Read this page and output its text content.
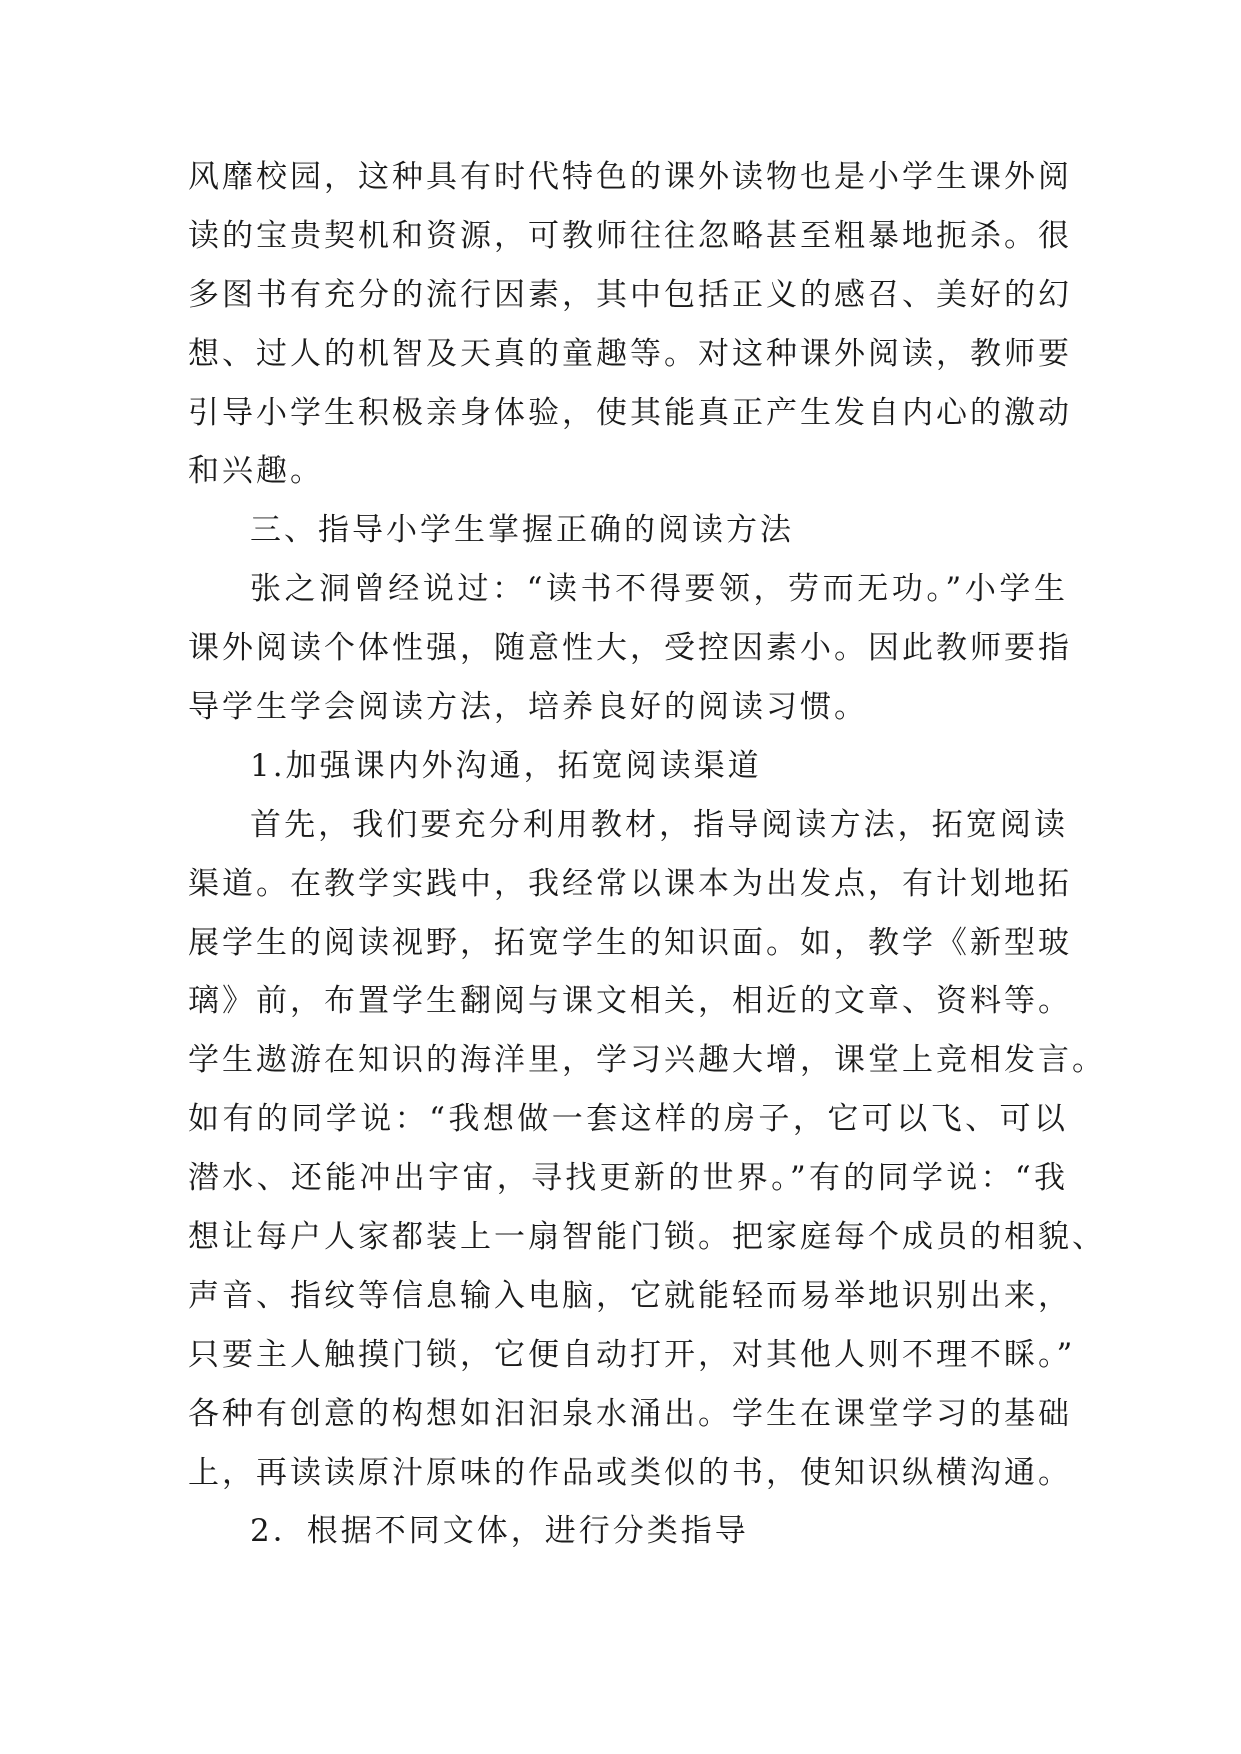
风靡校园，这种具有时代特色的课外读物也是小学生课外阅
读的宝贵契机和资源，可教师往往忽略甚至粗暴地扼杀。很
多图书有充分的流行因素，其中包括正义的感召、美好的幻
想、过人的机智及天真的童趣等。对这种课外阅读，教师要
引导小学生积极亲身体验，使其能真正产生发自内心的激动
和兴趣。
三、指导小学生掌握正确的阅读方法
张之洞曾经说过：“读书不得要领，劳而无功。”小学生
课外阅读个体性强，随意性大，受控因素小。因此教师要指
导学生学会阅读方法，培养良好的阅读习惯。
1.加强课内外沟通，拓宽阅读渠道
首先，我们要充分利用教材，指导阅读方法，拓宽阅读
渠道。在教学实践中，我经常以课本为出发点，有计划地拓
展学生的阅读视野，拓宽学生的知识面。如，教学《新型玻
璃》前，布置学生翻阅与课文相关，相近的文章、资料等。
学生遨游在知识的海洋里，学习兴趣大增，课堂上竞相发言。
如有的同学说：“我想做一套这样的房子，它可以飞、可以
潜水、还能冲出宇宙，寻找更新的世界。”有的同学说：“我
想让每户人家都装上一扇智能门锁。把家庭每个成员的相貌、
声音、指纹等信息输入电脑，它就能轻而易举地识别出来，
只要主人触摸门锁，它便自动打开，对其他人则不理不睬。”
各种有创意的构想如汩汩泉水涌出。学生在课堂学习的基础
上，再读读原汁原味的作品或类似的书，使知识纵横沟通。
2．根据不同文体，进行分类指导
